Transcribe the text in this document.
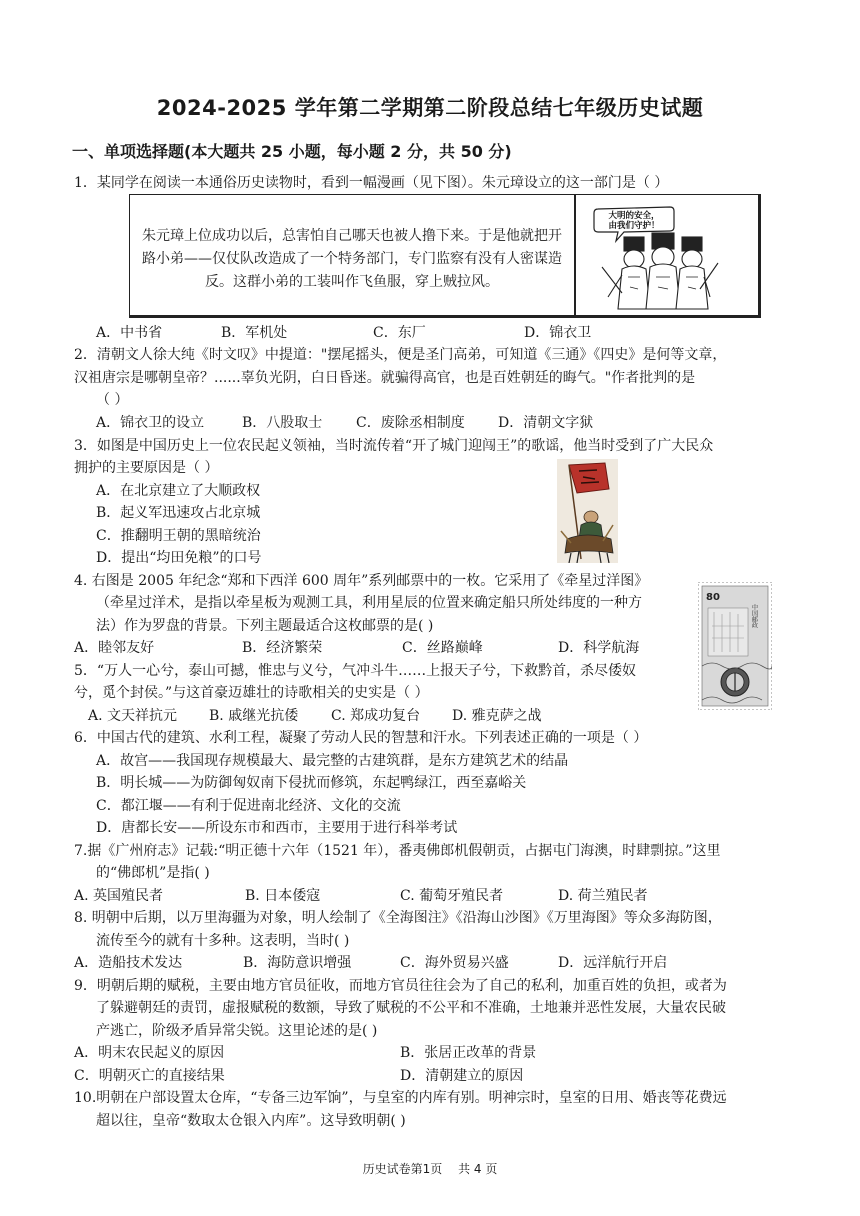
2024-2025 学年第二学期第二阶段总结七年级历史试题
一、单项选择题(本大题共 25 小题，每小题 2 分，共 50 分)
1．某同学在阅读一本通俗历史读物时，看到一幅漫画（见下图）。朱元璋设立的这一部门是（ ）
朱元璋上位成功以后，总害怕自己哪天也被人撸下来。于是他就把开路小弟——仅仗队改造成了一个特务部门，专门监察有没有人密谋造反。这群小弟的工装叫作飞鱼服，穿上贼拉风。
大明的安全，
由我们守护！
A．中书省	B．军机处	C．东厂	D．锦衣卫
2．清朝文人徐大纯《时文叹》中提道："摆尾摇头，便是圣门高弟，可知道《三通》《四史》是何等文章，
汉祖唐宗是哪朝皇帝？......辜负光阴，白日昏迷。就骗得高官，也是百姓朝廷的晦气。"作者批判的是
（ ）
A．锦衣卫的设立	B．八股取士 C．废除丞相制度 D．清朝文字狱
3．如图是中国历史上一位农民起义领袖，当时流传着“开了城门迎闯王”的歌谣，他当时受到了广大民众
拥护的主要原因是（ ）
A．在北京建立了大顺政权
B．起义军迅速攻占北京城
C．推翻明王朝的黑暗统治
D．提出“均田免粮”的口号
4. 右图是 2005 年纪念“郑和下西洋 600 周年”系列邮票中的一枚。它采用了《牵星过洋图》
（牵星过洋术，是指以牵星板为观测工具，利用星辰的位置来确定船只所处纬度的一种方
法）作为罗盘的背景。下列主题最适合这枚邮票的是( )
A．睦邻友好	B．经济繁荣	C．丝路巅峰	D．科学航海
80
中国邮政
5．“万人一心兮，泰山可撼，惟忠与义兮，气冲斗牛……上报天子兮，下救黔首，杀尽倭奴
兮，觅个封侯。”与这首豪迈雄壮的诗歌相关的史实是（ ）
A. 文天祥抗元 B. 戚继光抗倭 C. 郑成功复台 D. 雅克萨之战
6．中国古代的建筑、水利工程，凝聚了劳动人民的智慧和汗水。下列表述正确的一项是（ ）
A．故宫——我国现存规模最大、最完整的古建筑群，是东方建筑艺术的结晶
B．明长城——为防御匈奴南下侵扰而修筑，东起鸭绿江，西至嘉峪关
C．都江堰——有利于促进南北经济、文化的交流
D．唐都长安——所设东市和西市，主要用于进行科举考试
7.据《广州府志》记载:“明正德十六年（1521 年），番夷佛郎机假朝贡，占据屯门海澳，时肆剽掠。”这里
的“佛郎机”是指( )
A. 英国殖民者	B. 日本倭寇	C. 葡萄牙殖民者	D. 荷兰殖民者
8. 明朝中后期，以万里海疆为对象，明人绘制了《全海图注》《沿海山沙图》《万里海图》等众多海防图，
流传至今的就有十多种。这表明，当时( )
A．造船技术发达	B．海防意识增强	C．海外贸易兴盛	D．远洋航行开启
9．明朝后期的赋税，主要由地方官员征收，而地方官员往往会为了自己的私利，加重百姓的负担，或者为
了躲避朝廷的责罚，虚报赋税的数额，导致了赋税的不公平和不准确，土地兼并恶性发展，大量农民破
产逃亡，阶级矛盾异常尖锐。这里论述的是( )
A．明末农民起义的原因	B．张居正改革的背景
C．明朝灭亡的直接结果	D．清朝建立的原因
10.明朝在户部设置太仓库，“专备三边军饷”，与皇室的内库有别。明神宗时，皇室的日用、婚丧等花费远
超以往，皇帝“数取太仓银入内库”。这导致明朝( )
历史试卷第1页 共 4 页
